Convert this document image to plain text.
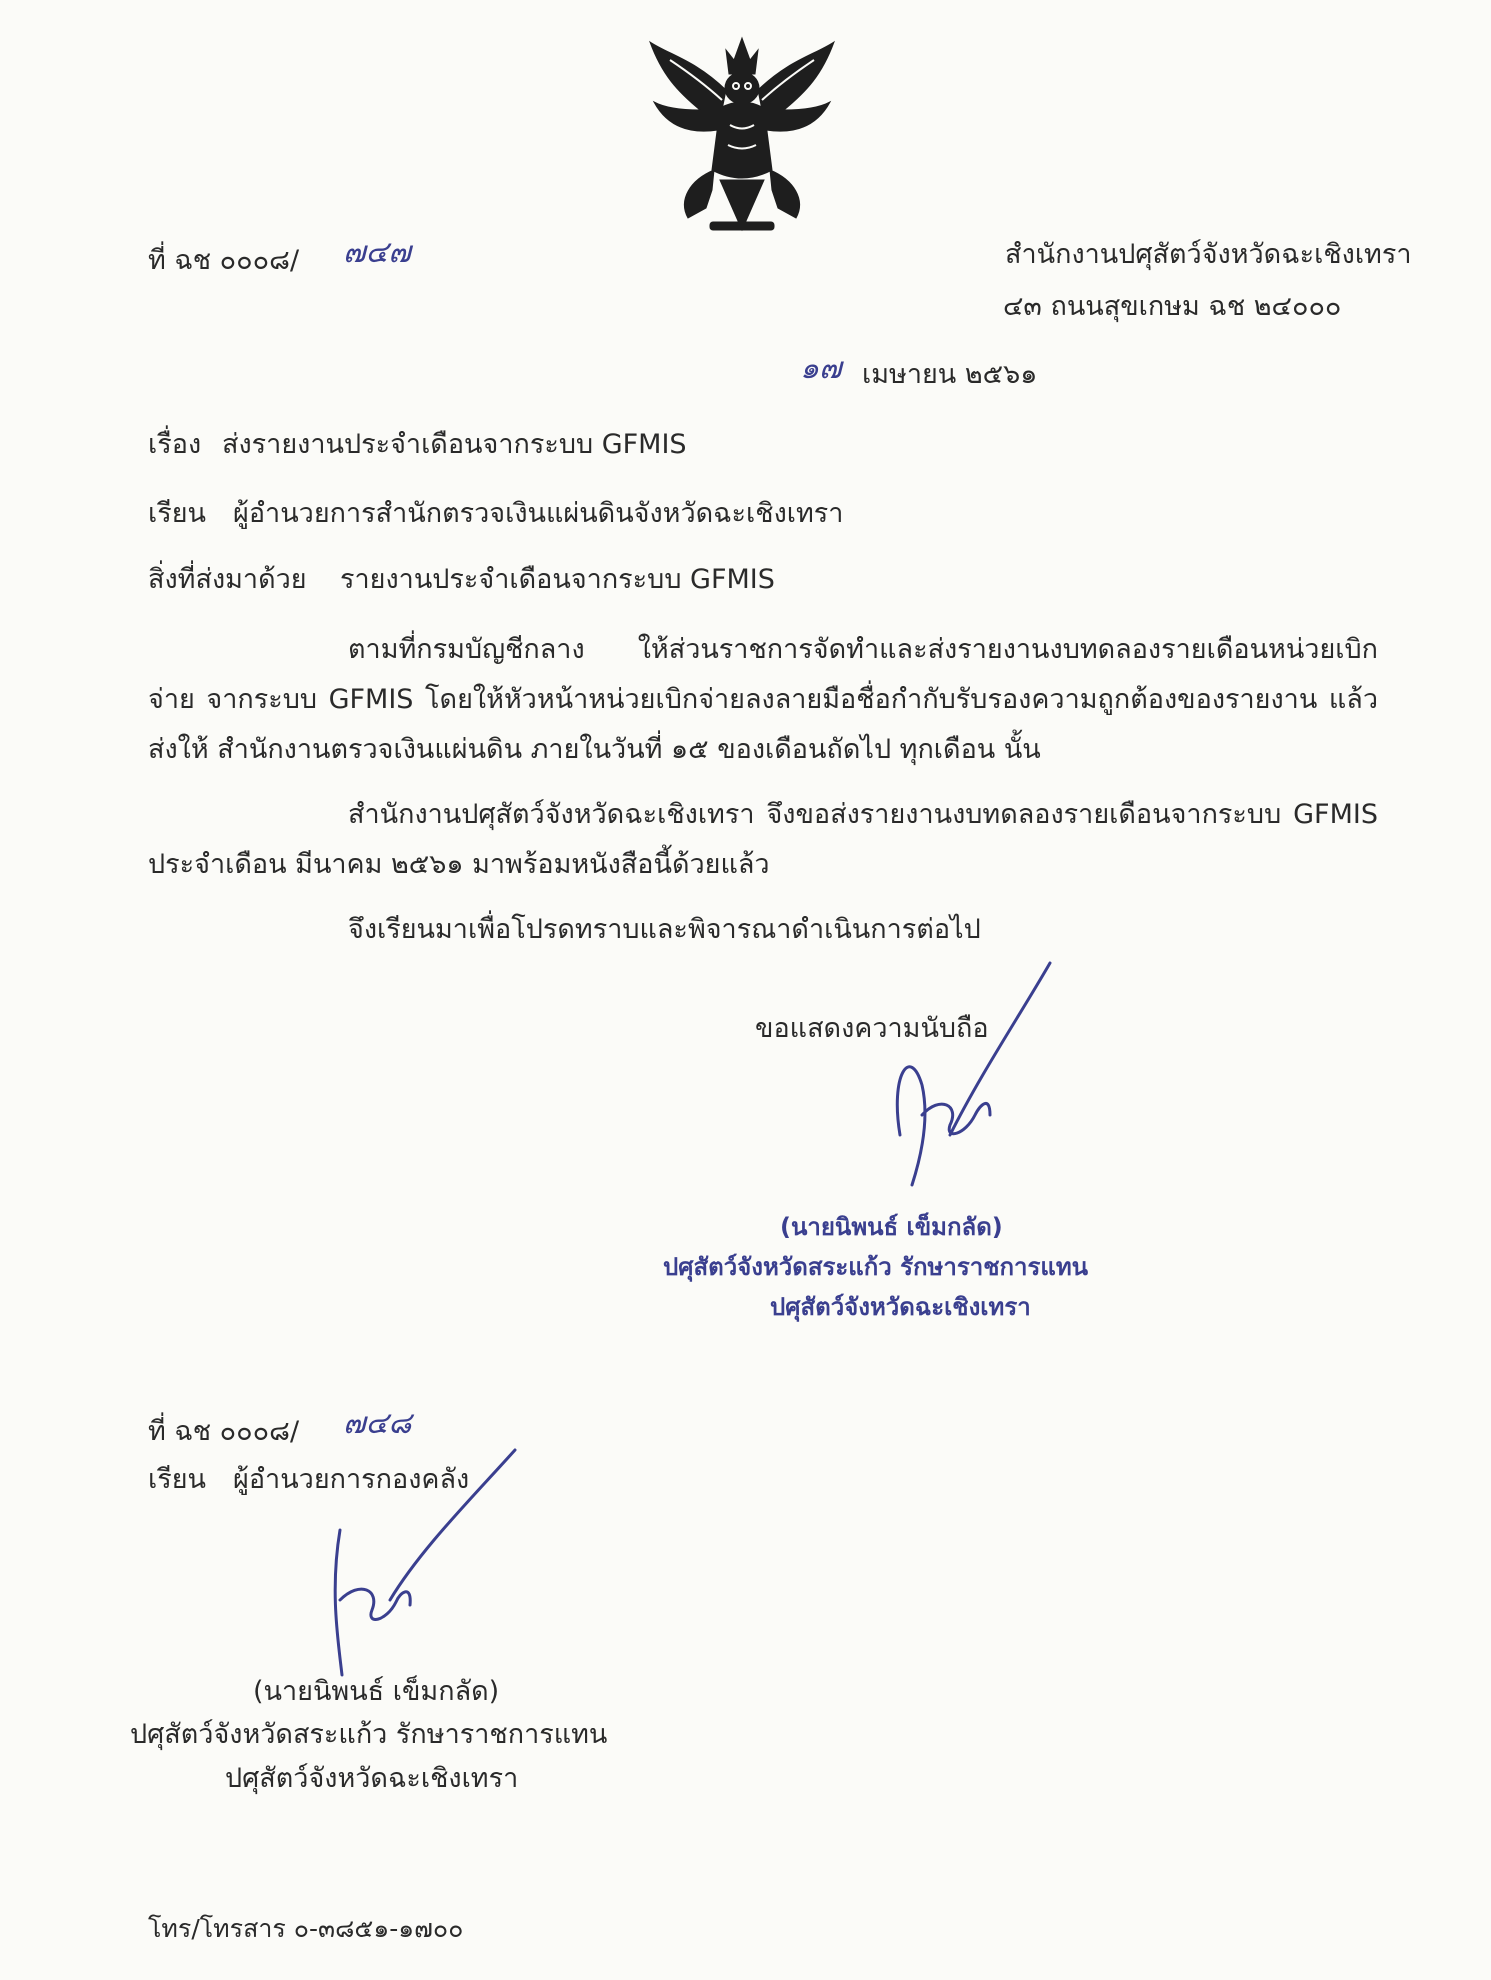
ที่ ฉช ๐๐๐๘/ ๗๔๗	สำนักงานปศุสัตว์จังหวัดฉะเชิงเทรา
๔๓ ถนนสุขเกษม ฉช ๒๔๐๐๐
๑๗ เมษายน ๒๕๖๑
เรื่อง ส่งรายงานประจำเดือนจากระบบ GFMIS
เรียน ผู้อำนวยการสำนักตรวจเงินแผ่นดินจังหวัดฉะเชิงเทรา
สิ่งที่ส่งมาด้วย รายงานประจำเดือนจากระบบ GFMIS
ตามที่กรมบัญชีกลาง ให้ส่วนราชการจัดทำและส่งรายงานงบทดลองรายเดือนหน่วยเบิกจ่าย จากระบบ GFMIS โดยให้หัวหน้าหน่วยเบิกจ่ายลงลายมือชื่อกำกับรับรองความถูกต้องของรายงาน แล้วส่งให้ สำนักงานตรวจเงินแผ่นดิน ภายในวันที่ ๑๕ ของเดือนถัดไป ทุกเดือน นั้น
สำนักงานปศุสัตว์จังหวัดฉะเชิงเทรา จึงขอส่งรายงานงบทดลองรายเดือนจากระบบ GFMIS ประจำเดือน มีนาคม ๒๕๖๑ มาพร้อมหนังสือนี้ด้วยแล้ว
จึงเรียนมาเพื่อโปรดทราบและพิจารณาดำเนินการต่อไป
ขอแสดงความนับถือ
(นายนิพนธ์ เข็มกลัด)
ปศุสัตว์จังหวัดสระแก้ว รักษาราชการแทน
ปศุสัตว์จังหวัดฉะเชิงเทรา
ที่ ฉช ๐๐๐๘/ ๗๔๘
เรียน ผู้อำนวยการกองคลัง
(นายนิพนธ์ เข็มกลัด)
ปศุสัตว์จังหวัดสระแก้ว รักษาราชการแทน
ปศุสัตว์จังหวัดฉะเชิงเทรา
โทร/โทรสาร ๐-๓๘๕๑-๑๗๐๐
